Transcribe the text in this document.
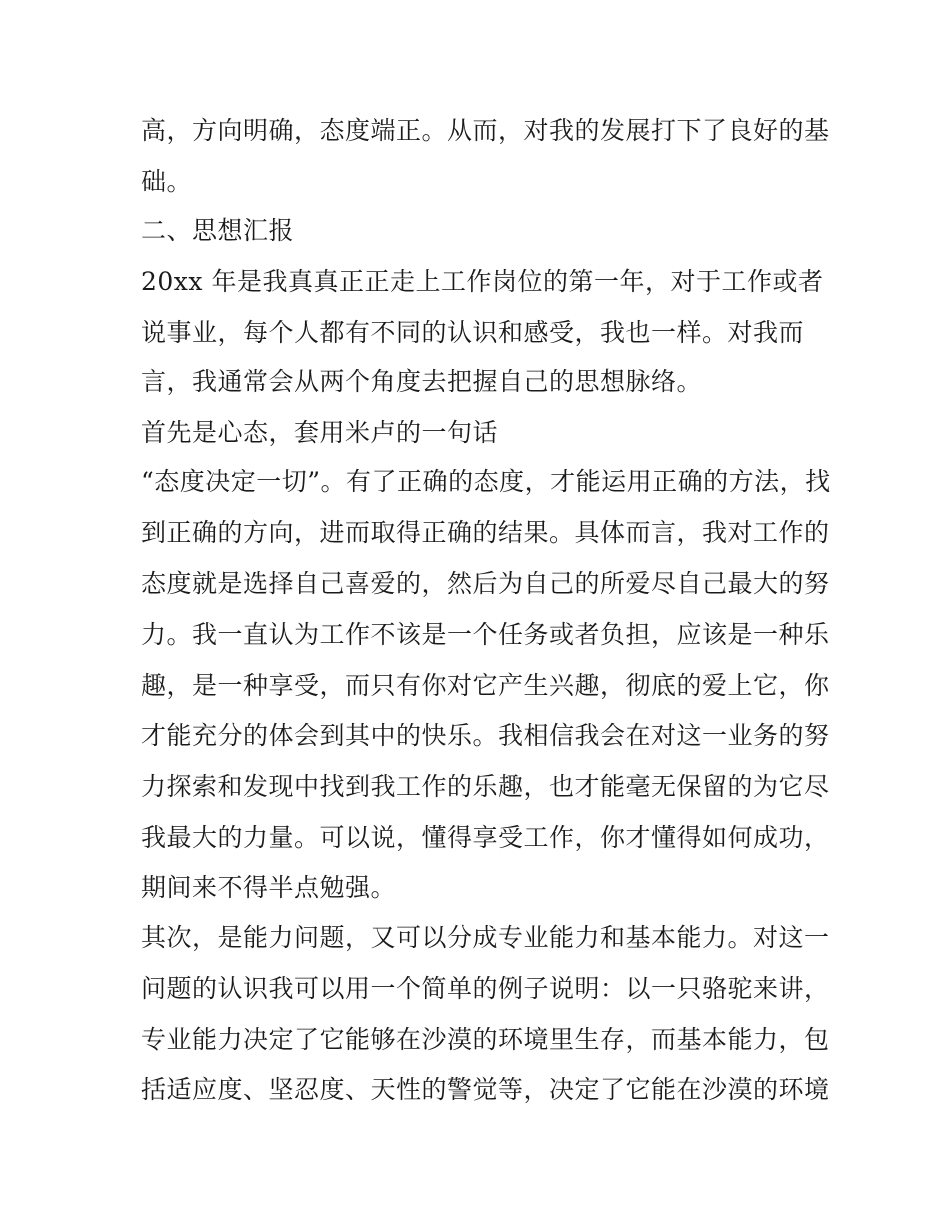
高，方向明确，态度端正。从而，对我的发展打下了良好的基
础。
二、思想汇报
20xx 年是我真真正正走上工作岗位的第一年，对于工作或者
说事业，每个人都有不同的认识和感受，我也一样。对我而
言，我通常会从两个角度去把握自己的思想脉络。
首先是心态，套用米卢的一句话
“态度决定一切”。有了正确的态度，才能运用正确的方法，找
到正确的方向，进而取得正确的结果。具体而言，我对工作的
态度就是选择自己喜爱的，然后为自己的所爱尽自己最大的努
力。我一直认为工作不该是一个任务或者负担，应该是一种乐
趣，是一种享受，而只有你对它产生兴趣，彻底的爱上它，你
才能充分的体会到其中的快乐。我相信我会在对这一业务的努
力探索和发现中找到我工作的乐趣，也才能毫无保留的为它尽
我最大的力量。可以说，懂得享受工作，你才懂得如何成功，
期间来不得半点勉强。
其次，是能力问题，又可以分成专业能力和基本能力。对这一
问题的认识我可以用一个简单的例子说明：以一只骆驼来讲，
专业能力决定了它能够在沙漠的环境里生存，而基本能力，包
括适应度、坚忍度、天性的警觉等，决定了它能在沙漠的环境
